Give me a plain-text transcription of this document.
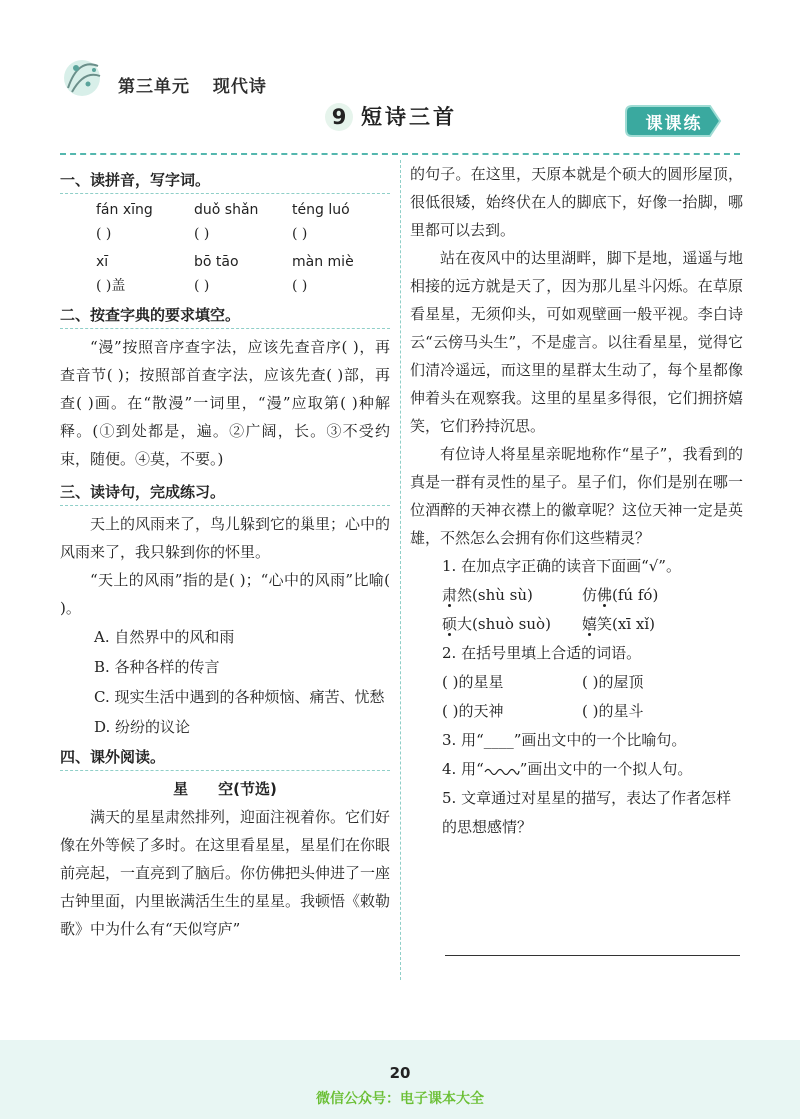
第三单元 现代诗
9 短诗三首	课课练
一、读拼音，写字词。
fán xīng	duǒ shǎn	téng luó
( )	( )	( )
xī	bō tāo	màn miè
( )盖	( )	( )
二、按查字典的要求填空。

“漫”按照音序查字法，应该先查音序( )，再查音节( )；按照部首查字法，应该先查( )部，再查( )画。在“散漫”一词里，“漫”应取第( )种解释。(①到处都是，遍。②广阔，长。③不受约束，随便。④莫，不要。)

三、读诗句，完成练习。

天上的风雨来了，鸟儿躲到它的巢里；心中的风雨来了，我只躲到你的怀里。

“天上的风雨”指的是( )；“心中的风雨”比喻( )。

A. 自然界中的风和雨

B. 各种各样的传言

C. 现实生活中遇到的各种烦恼、痛苦、忧愁

D. 纷纷的议论

四、课外阅读。
星　　空(节选)

满天的星星肃然排列，迎面注视着你。它们好像在外等候了多时。在这里看星星，星星们在你眼前亮起，一直亮到了脑后。你仿佛把头伸进了一座古钟里面，内里嵌满活生生的星星。我顿悟《敕勒歌》中为什么有“天似穹庐”

的句子。在这里，天原本就是个硕大的圆形屋顶，很低很矮，始终伏在人的脚底下，好像一抬脚，哪里都可以去到。

站在夜风中的达里湖畔，脚下是地，遥遥与地相接的远方就是天了，因为那儿星斗闪烁。在草原看星星，无须仰头，可如观壁画一般平视。李白诗云“云傍马头生”，不是虚言。以往看星星，觉得它们清冷遥远，而这里的星群太生动了，每个星都像伸着头在观察我。这里的星星多得很，它们拥挤嬉笑，它们矜持沉思。

有位诗人将星星亲昵地称作“星子”，我看到的真是一群有灵性的星子。星子们，你们是别在哪一位酒醉的天神衣襟上的徽章呢？这位天神一定是英雄，不然怎么会拥有你们这些精灵？

1. 在加点字正确的读音下面画“√”。

肃然(shù sù)	仿佛(fú fó)
硕大(shuò suò)	嬉笑(xī xǐ)

2. 在括号里填上合适的词语。

( )的星星	( )的屋顶
( )的天神	( )的星斗

3. 用“____”画出文中的一个比喻句。

4. 用“ ”画出文中的一个拟人句。

5. 文章通过对星星的描写，表达了作者怎样的思想感情？

20
微信公众号：电子课本大全
